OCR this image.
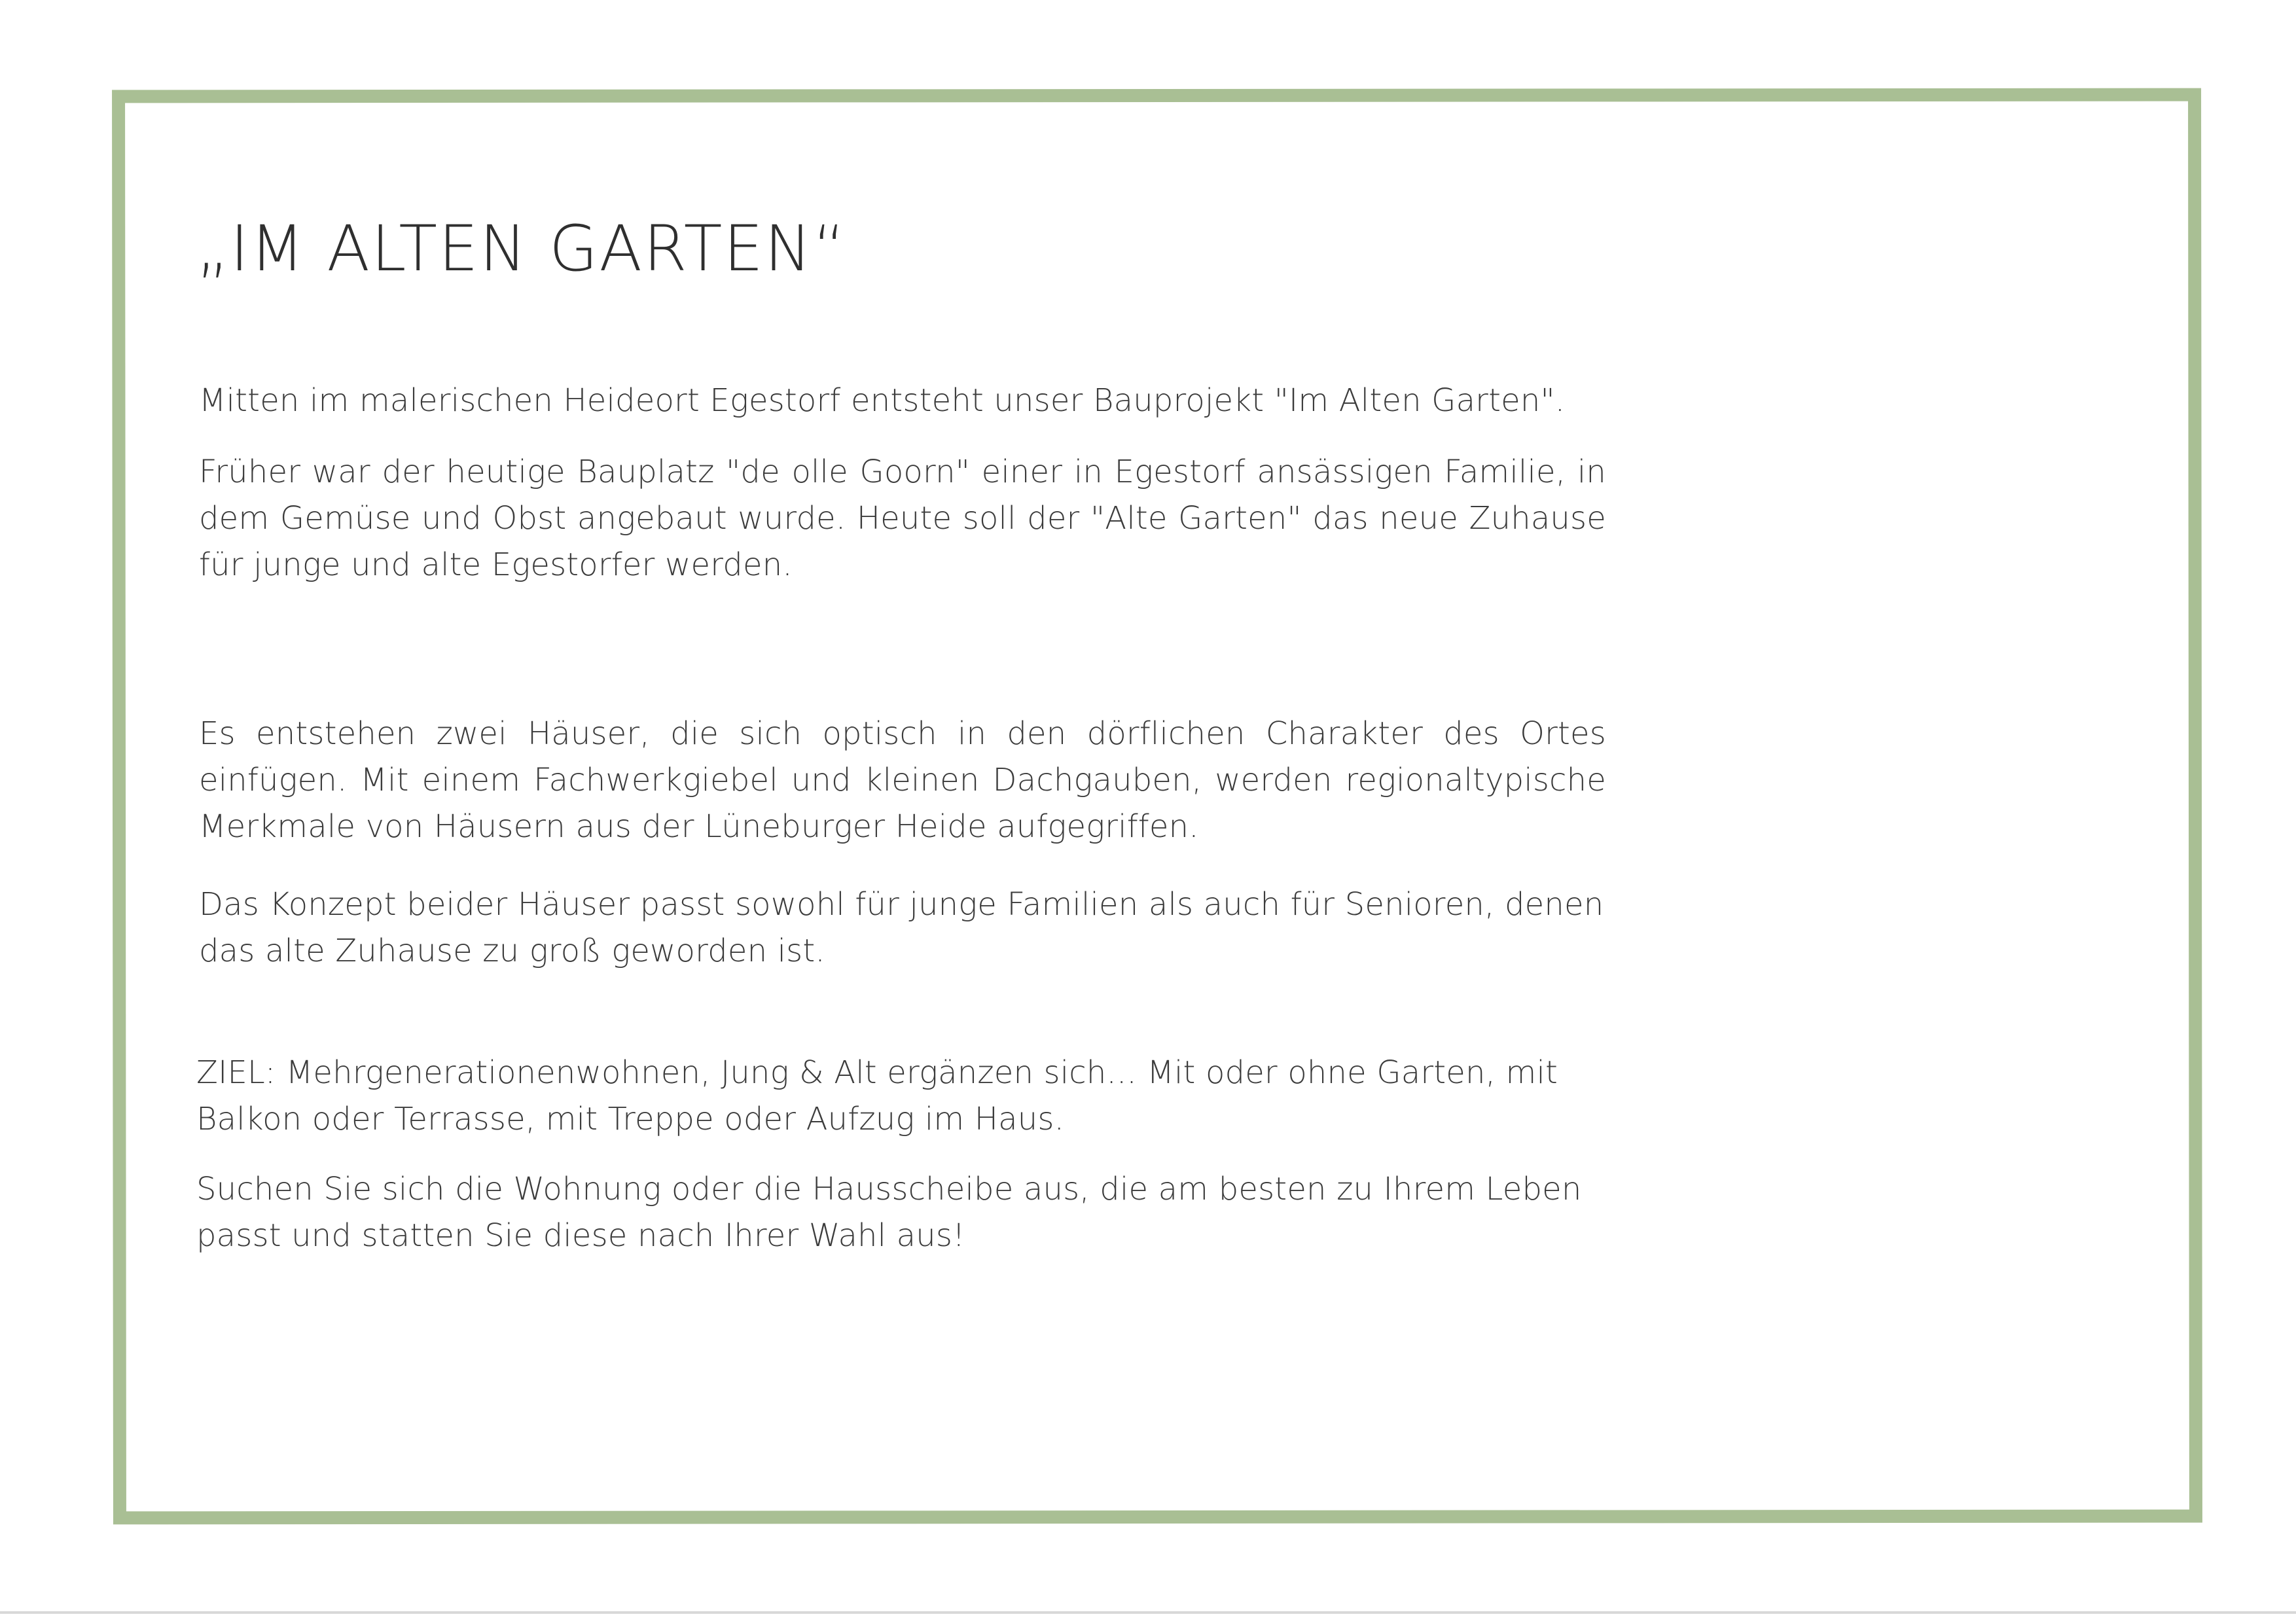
„IM ALTEN GARTEN“

Mitten im malerischen Heideort Egestorf entsteht unser Bauprojekt "Im Alten Garten".

Früher war der heutige Bauplatz "de olle Goorn" einer in Egestorf ansässigen Familie, in dem Gemüse und Obst angebaut wurde. Heute soll der "Alte Garten" das neue Zuhause für junge und alte Egestorfer werden.

Es entstehen zwei Häuser, die sich optisch in den dörflichen Charakter des Ortes einfügen. Mit einem Fachwerkgiebel und kleinen Dachgauben, werden regionaltypische Merkmale von Häusern aus der Lüneburger Heide aufgegriffen.

Das Konzept beider Häuser passt sowohl für junge Familien als auch für Senioren, denen das alte Zuhause zu groß geworden ist.

ZIEL: Mehrgenerationenwohnen, Jung & Alt ergänzen sich... Mit oder ohne Garten, mit Balkon oder Terrasse, mit Treppe oder Aufzug im Haus.

Suchen Sie sich die Wohnung oder die Hausscheibe aus, die am besten zu Ihrem Leben passt und statten Sie diese nach Ihrer Wahl aus!
